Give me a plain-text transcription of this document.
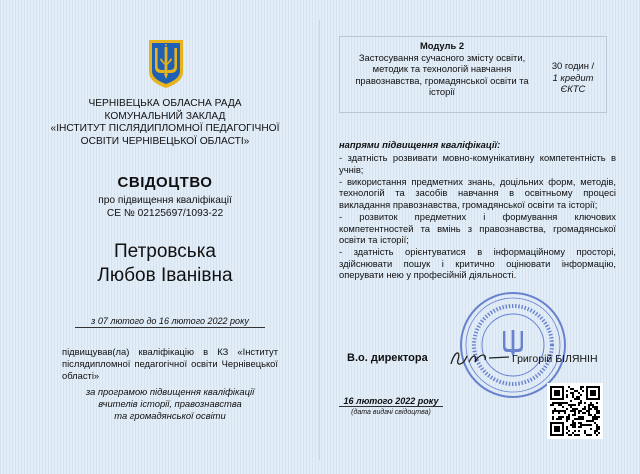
ЧЕРНІВЕЦЬКА ОБЛАСНА РАДА
КОМУНАЛЬНИЙ ЗАКЛАД
«ІНСТИТУТ ПІСЛЯДИПЛОМНОЇ ПЕДАГОГІЧНОЇ
ОСВІТИ ЧЕРНІВЕЦЬКОЇ ОБЛАСТІ»
СВІДОЦТВО
про підвищення кваліфікації
СЕ № 02125697/1093-22
Петровська
Любов Іванівна
з 07 лютого до 16 лютого 2022 року
підвищував(ла) кваліфікацію в КЗ «Інститут післядипломної педагогічної освіти Чернівецької області»
за програмою підвищення кваліфікації
вчителів історії, правознавства
та громадянської освіти
Модуль 2
Застосування сучасного змісту освіти, методик та технологій навчання правознавства, громадянської освіти та історії
30 годин /
1 кредит
ЄКТС
напрями підвищення кваліфікації:

- здатність розвивати мовно-комунікативну компетентність в учнів;

- використання предметних знань, доцільних форм, методів, технологій та засобів навчання в освітньому процесі викладання правознавства, громадянської освіти та історії;

- розвиток предметних і формування ключових компетентностей та вмінь з правознавства, громадянської освіти та історії;

- здатність орієнтуватися в інформаційному просторі, здійснювати пошук і критично оцінювати інформацію, оперувати нею у професійній діяльності.

В.о. директора	Григорій БІЛЯНІН
16 лютого 2022 року
(дата видачі свідоцтва)
